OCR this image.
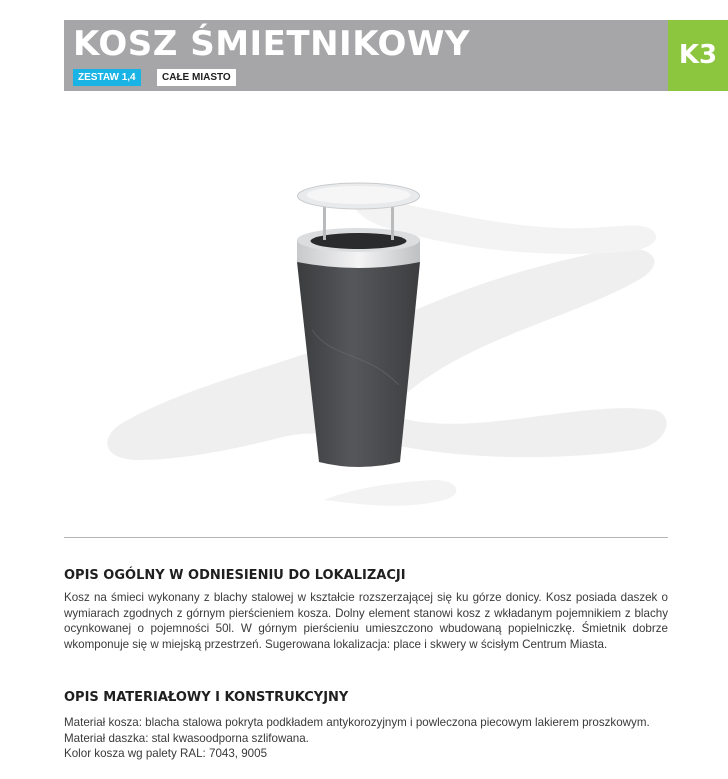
KOSZ ŚMIETNIKOWY
ZESTAW 1,4	CAŁE MIASTO
K3
OPIS OGÓLNY W ODNIESIENIU DO LOKALIZACJI

Kosz na śmieci wykonany z blachy stalowej w kształcie rozszerzającej się ku górze donicy. Kosz posiada daszek o wymiarach zgodnych z górnym pierścieniem kosza. Dolny element stanowi kosz z wkładanym pojemnikiem z blachy ocynkowanej o pojemności 50l. W górnym pierścieniu umieszczono wbudowaną popielniczkę. Śmietnik dobrze wkomponuje się w miejską przestrzeń. Sugerowana lokalizacja: place i skwery w ścisłym Centrum Miasta.

OPIS MATERIAŁOWY I KONSTRUKCYJNY

Materiał kosza: blacha stalowa pokryta podkładem antykorozyjnym i powleczona piecowym lakierem proszkowym.

Materiał daszka: stal kwasoodporna szlifowana.

Kolor kosza wg palety RAL: 7043, 9005
